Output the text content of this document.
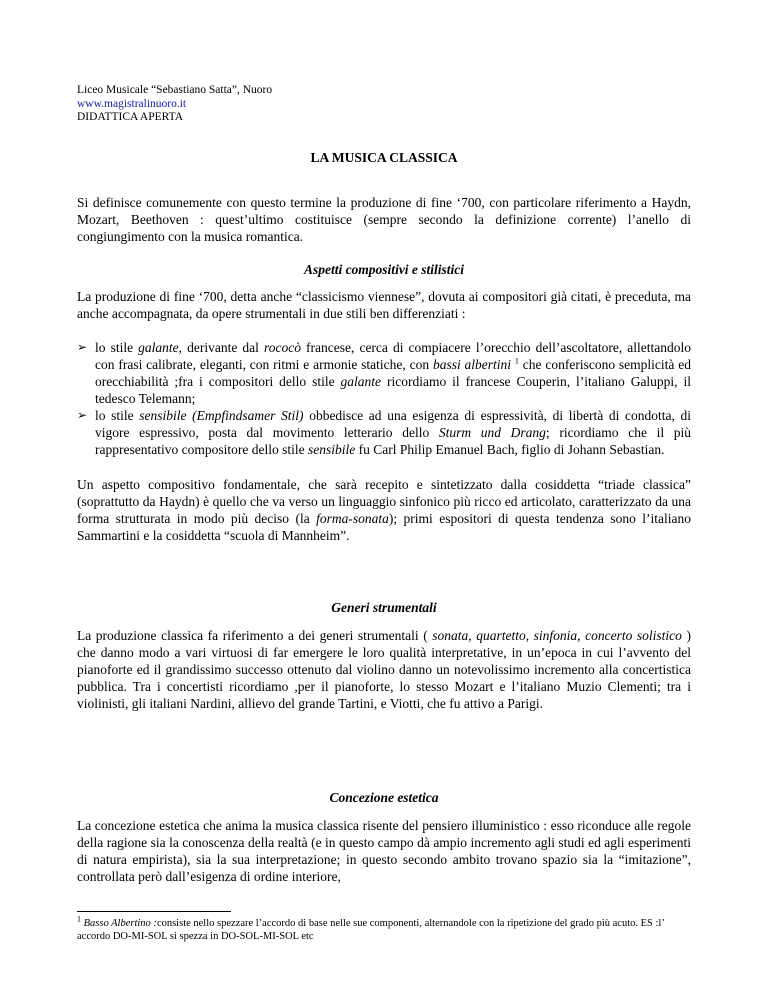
Liceo Musicale “Sebastiano Satta”, Nuoro
www.magistralinuoro.it
DIDATTICA APERTA
LA MUSICA CLASSICA

Si definisce comunemente con questo termine la produzione di fine ‘700, con particolare riferimento a Haydn, Mozart, Beethoven : quest’ultimo costituisce (sempre secondo la definizione corrente) l’anello di congiungimento con la musica romantica.

Aspetti compositivi e stilistici

La produzione di fine ‘700, detta anche “classicismo viennese”, dovuta ai compositori già citati, è preceduta, ma anche accompagnata, da opere strumentali in due stili ben differenziati :

➢ lo stile galante, derivante dal rococò francese, cerca di compiacere l’orecchio dell’ascoltatore, allettandolo con frasi calibrate, eleganti, con ritmi e armonie statiche, con bassi albertini $^1$ che conferiscono semplicità ed orecchiabilità ;fra i compositori dello stile galante ricordiamo il francese Couperin, l’italiano Galuppi, il tedesco Telemann;
➢ lo stile sensibile (Empfindsamer Stil) obbedisce ad una esigenza di espressività, di libertà di condotta, di vigore espressivo, posta dal movimento letterario dello Sturm und Drang; ricordiamo che il più rappresentativo compositore dello stile sensibile fu Carl Philip Emanuel Bach, figlio di Johann Sebastian.

Un aspetto compositivo fondamentale, che sarà recepito e sintetizzato dalla cosiddetta “triade classica” (soprattutto da Haydn) è quello che va verso un linguaggio sinfonico più ricco ed articolato, caratterizzato da una forma strutturata in modo più deciso (la forma-sonata); primi espositori di questa tendenza sono l’italiano Sammartini e la cosiddetta “scuola di Mannheim”.

Generi strumentali

La produzione classica fa riferimento a dei generi strumentali ( sonata, quartetto, sinfonia, concerto solistico ) che danno modo a vari virtuosi di far emergere le loro qualità interpretative, in un’epoca in cui l’avvento del pianoforte ed il grandissimo successo ottenuto dal violino danno un notevolissimo incremento alla concertistica pubblica. Tra i concertisti ricordiamo ,per il pianoforte, lo stesso Mozart e l’italiano Muzio Clementi; tra i violinisti, gli italiani Nardini, allievo del grande Tartini, e Viotti, che fu attivo a Parigi.

Concezione estetica

La concezione estetica che anima la musica classica risente del pensiero illuministico : esso riconduce alle regole della ragione sia la conoscenza della realtà (e in questo campo dà ampio incremento agli studi ed agli esperimenti di natura empirista), sia la sua interpretazione; in questo secondo ambito trovano spazio sia la “imitazione”, controllata però dall’esigenza di ordine interiore,

$^1$ Basso Albertino :consiste nello spezzare l’accordo di base nelle sue componenti, alternandole con la ripetizione del grado più acuto. ES :l’ accordo DO-MI-SOL si spezza in DO-SOL-MI-SOL etc
